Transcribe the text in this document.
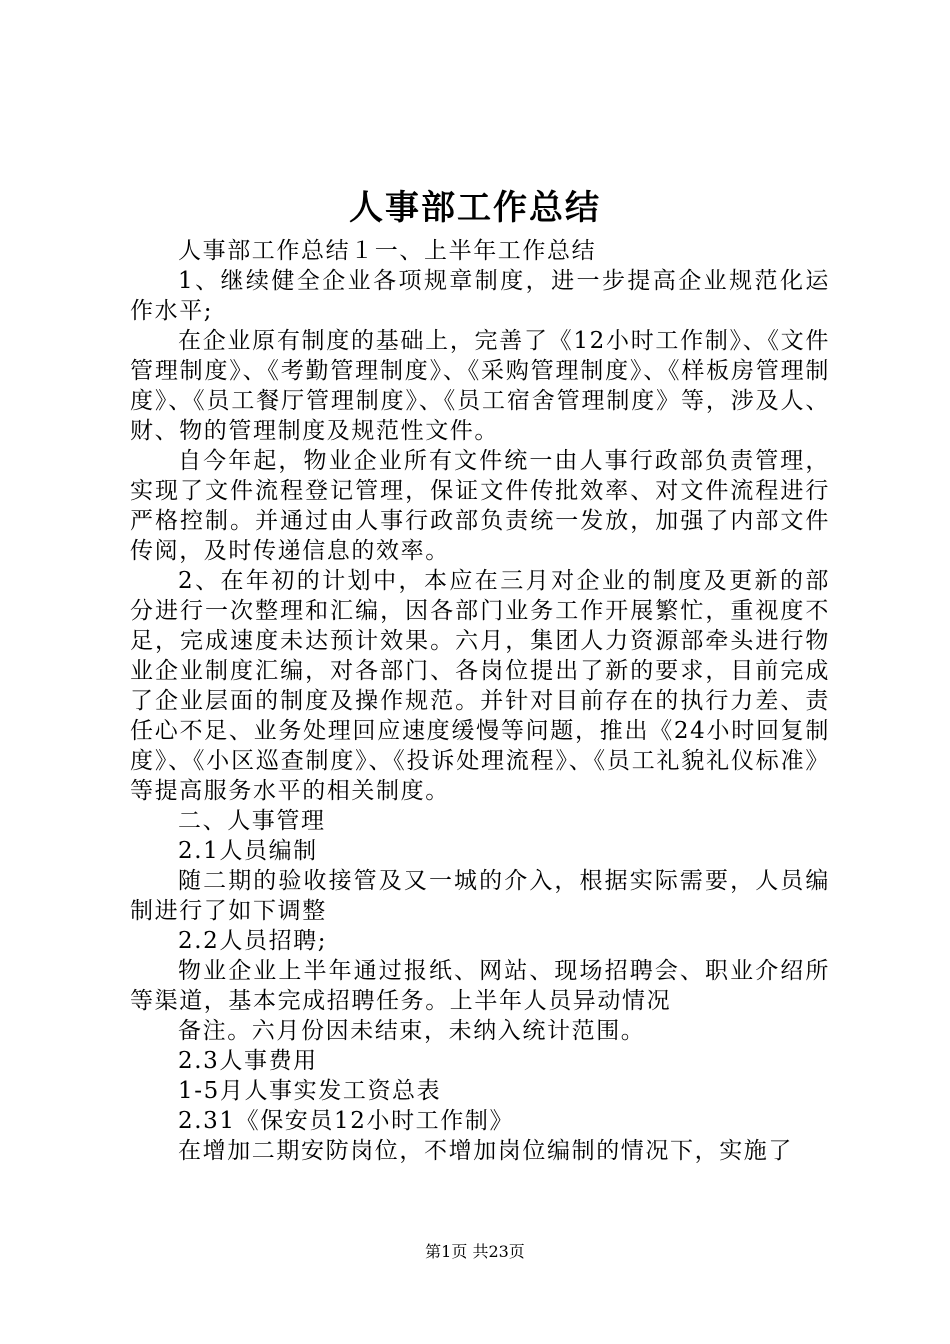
人事部工作总结

人事部工作总结１一、上半年工作总结

1、继续健全企业各项规章制度，进一步提高企业规范化运作水平;

在企业原有制度的基础上，完善了《12小时工作制》、《文件管理制度》、《考勤管理制度》、《采购管理制度》、《样板房管理制度》、《员工餐厅管理制度》、《员工宿舍管理制度》等，涉及人、财、物的管理制度及规范性文件。

自今年起，物业企业所有文件统一由人事行政部负责管理，实现了文件流程登记管理，保证文件传批效率、对文件流程进行严格控制。并通过由人事行政部负责统一发放，加强了内部文件传阅，及时传递信息的效率。

2、在年初的计划中，本应在三月对企业的制度及更新的部分进行一次整理和汇编，因各部门业务工作开展繁忙，重视度不足，完成速度未达预计效果。六月，集团人力资源部牵头进行物业企业制度汇编，对各部门、各岗位提出了新的要求，目前完成了企业层面的制度及操作规范。并针对目前存在的执行力差、责任心不足、业务处理回应速度缓慢等问题，推出《24小时回复制度》、《小区巡查制度》、《投诉处理流程》、《员工礼貌礼仪标准》等提高服务水平的相关制度。

二、人事管理

2.1人员编制

随二期的验收接管及又一城的介入，根据实际需要，人员编制进行了如下调整

2.2人员招聘;

物业企业上半年通过报纸、网站、现场招聘会、职业介绍所等渠道，基本完成招聘任务。上半年人员异动情况

备注。六月份因未结束，未纳入统计范围。

2.3人事费用

1-5月人事实发工资总表

2.31《保安员12小时工作制》

在增加二期安防岗位，不增加岗位编制的情况下，实施了

第1页 共23页
